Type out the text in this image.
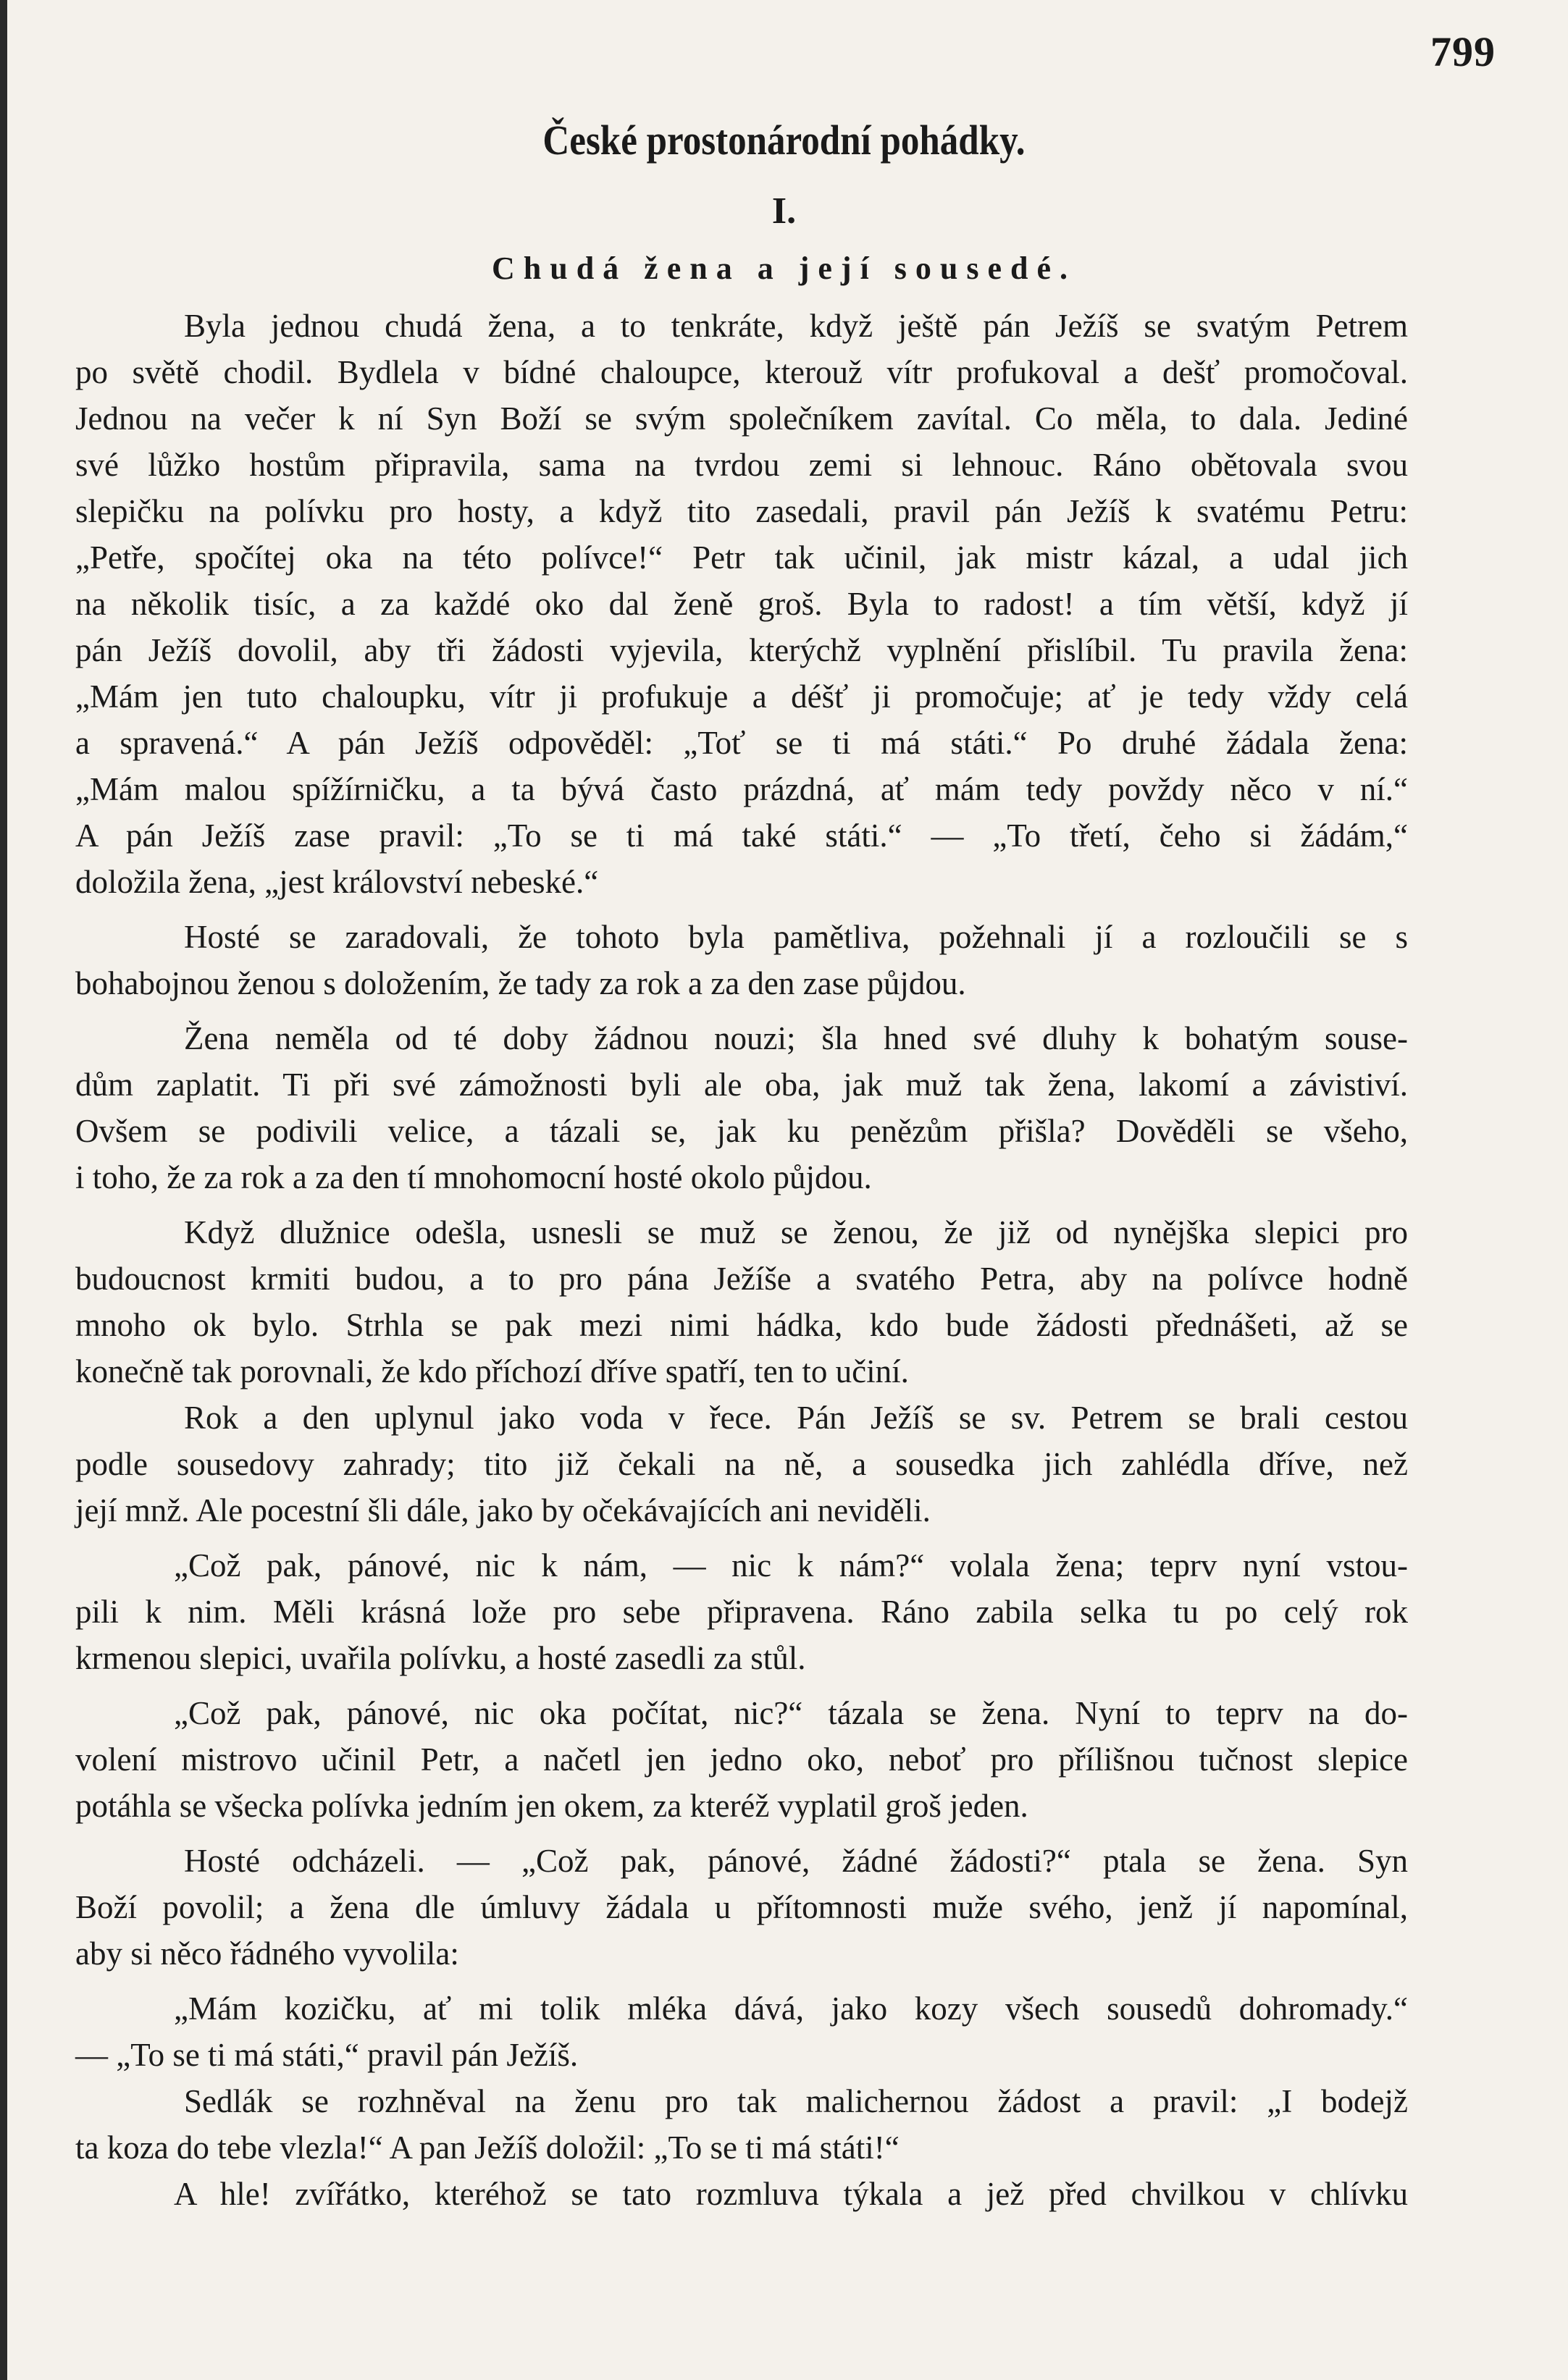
799
České prostonárodní pohádky.
I.
Chudá žena a její sousedé.
Byla jednou chudá žena, a to tenkráte, když ještě pán Ježíš se svatým Petrem
po světě chodil. Bydlela v bídné chaloupce, kterouž vítr profukoval a dešť promočoval.
Jednou na večer k ní Syn Boží se svým společníkem zavítal. Co měla, to dala. Jediné
své lůžko hostům připravila, sama na tvrdou zemi si lehnouc. Ráno obětovala svou
slepičku na polívku pro hosty, a když tito zasedali, pravil pán Ježíš k svatému Petru:
„Petře, spočítej oka na této polívce!“ Petr tak učinil, jak mistr kázal, a udal jich
na několik tisíc, a za každé oko dal ženě groš. Byla to radost! a tím větší, když jí
pán Ježíš dovolil, aby tři žádosti vyjevila, kterýchž vyplnění přislíbil. Tu pravila žena:
„Mám jen tuto chaloupku, vítr ji profukuje a déšť ji promočuje; ať je tedy vždy celá
a spravená.“ A pán Ježíš odpověděl: „Toť se ti má státi.“ Po druhé žádala žena:
„Mám malou spížírničku, a ta bývá často prázdná, ať mám tedy povždy něco v ní.“
A pán Ježíš zase pravil: „To se ti má také státi.“ — „To třetí, čeho si žádám,“
doložila žena, „jest království nebeské.“
Hosté se zaradovali, že tohoto byla pamětliva, požehnali jí a rozloučili se s
bohabojnou ženou s doložením, že tady za rok a za den zase půjdou.
Žena neměla od té doby žádnou nouzi; šla hned své dluhy k bohatým souse-
dům zaplatit. Ti při své zámožnosti byli ale oba, jak muž tak žena, lakomí a závistiví.
Ovšem se podivili velice, a tázali se, jak ku penězům přišla? Dověděli se všeho,
i toho, že za rok a za den tí mnohomocní hosté okolo půjdou.
Když dlužnice odešla, usnesli se muž se ženou, že již od nynějška slepici pro
budoucnost krmiti budou, a to pro pána Ježíše a svatého Petra, aby na polívce hodně
mnoho ok bylo. Strhla se pak mezi nimi hádka, kdo bude žádosti přednášeti, až se
konečně tak porovnali, že kdo příchozí dříve spatří, ten to učiní.
Rok a den uplynul jako voda v řece. Pán Ježíš se sv. Petrem se brali cestou
podle sousedovy zahrady; tito již čekali na ně, a sousedka jich zahlédla dříve, než
její mnž. Ale pocestní šli dále, jako by očekávajících ani neviděli.
„Což pak, pánové, nic k nám, — nic k nám?“ volala žena; teprv nyní vstou-
pili k nim. Měli krásná lože pro sebe připravena. Ráno zabila selka tu po celý rok
krmenou slepici, uvařila polívku, a hosté zasedli za stůl.
„Což pak, pánové, nic oka počítat, nic?“ tázala se žena. Nyní to teprv na do-
volení mistrovo učinil Petr, a načetl jen jedno oko, neboť pro přílišnou tučnost slepice
potáhla se všecka polívka jedním jen okem, za kteréž vyplatil groš jeden.
Hosté odcházeli. — „Což pak, pánové, žádné žádosti?“ ptala se žena. Syn
Boží povolil; a žena dle úmluvy žádala u přítomnosti muže svého, jenž jí napomínal,
aby si něco řádného vyvolila:
„Mám kozičku, ať mi tolik mléka dává, jako kozy všech sousedů dohromady.“
— „To se ti má státi,“ pravil pán Ježíš.
Sedlák se rozhněval na ženu pro tak malichernou žádost a pravil: „I bodejž
ta koza do tebe vlezla!“ A pan Ježíš doložil: „To se ti má státi!“
A hle! zvířátko, kteréhož se tato rozmluva týkala a jež před chvilkou v chlívku
